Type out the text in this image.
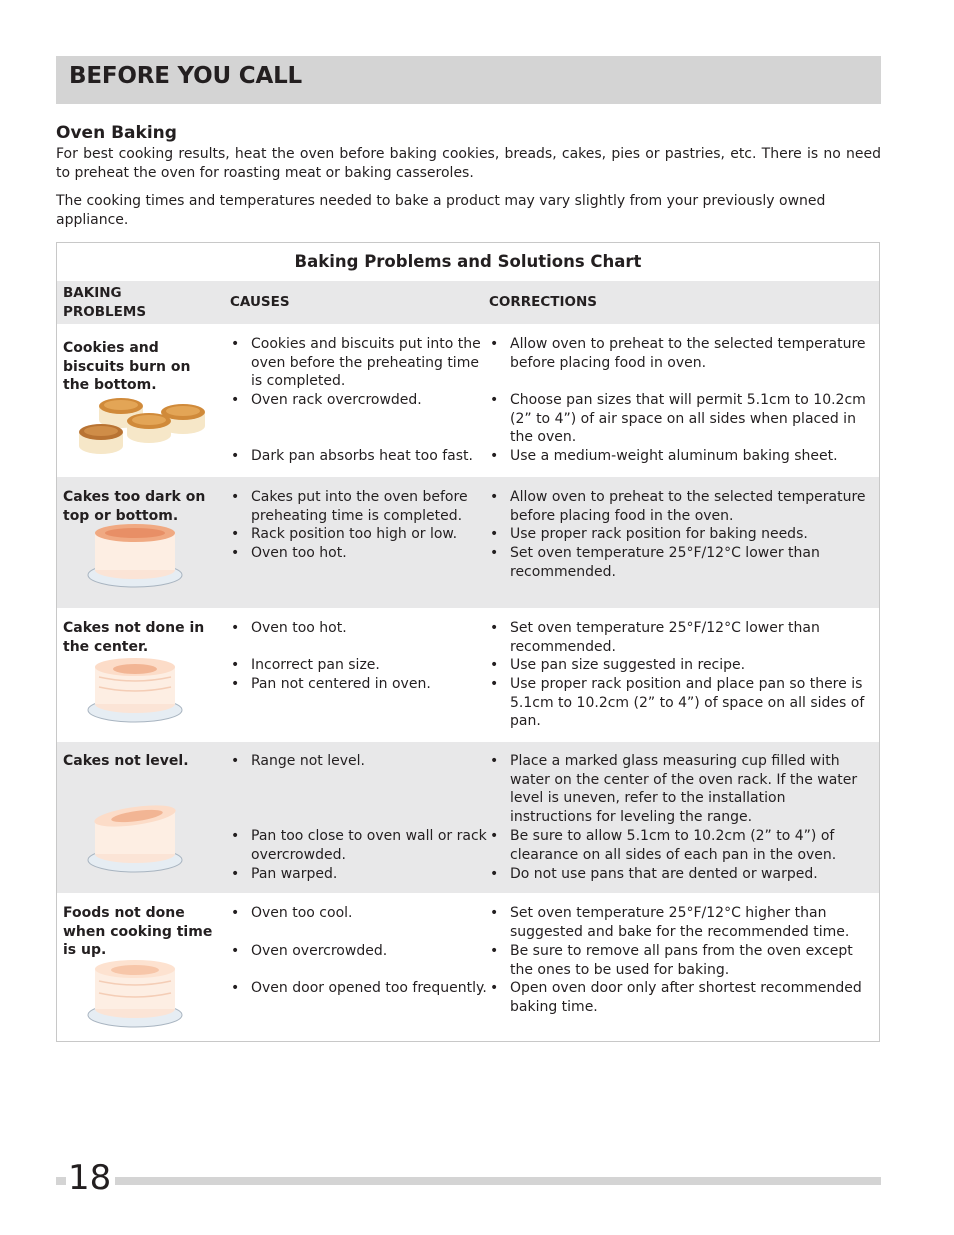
BEFORE YOU CALL
Oven Baking
For best cooking results, heat the oven before baking cookies, breads, cakes, pies or pastries, etc. There is no need to preheat the oven for roasting meat or baking casseroles.
The cooking times and temperatures needed to bake a product may vary slightly from your previously owned appliance.
Baking Problems and Solutions Chart
BAKING PROBLEMS
CAUSES	CORRECTIONS
Cookies and biscuits burn on the bottom.
• Cookies and biscuits put into the oven before the preheating time is completed.
• Oven rack overcrowded.
• Dark pan absorbs heat too fast.
• Allow oven to preheat to the selected temperature before placing food in oven.
• Choose pan sizes that will permit 5.1cm to 10.2cm (2” to 4”) of air space on all sides when placed in the oven.
• Use a medium-weight aluminum baking sheet.
Cakes too dark on top or bottom.
• Cakes put into the oven before preheating time is completed.
• Rack position too high or low.
• Oven too hot.
• Allow oven to preheat to the selected temperature before placing food in the oven.
• Use proper rack position for baking needs.
• Set oven temperature 25°F/12°C lower than recommended.
Cakes not done in the center.
• Oven too hot.
• Incorrect pan size.
• Pan not centered in oven.
• Set oven temperature 25°F/12°C lower than recommended.
• Use pan size suggested in recipe.
• Use proper rack position and place pan so there is 5.1cm to 10.2cm (2” to 4”) of space on all sides of pan.
Cakes not level.
•	Range not level.
• Pan too close to oven wall or rack overcrowded.
• Pan warped.
• Place a marked glass measuring cup filled with water on the center of the oven rack. If the water level is uneven, refer to the installation instructions for leveling the range.
• Be sure to allow 5.1cm to 10.2cm (2” to 4”) of clearance on all sides of each pan in the oven.
• Do not use pans that are dented or warped.
Foods not done when cooking time is up.
• Oven too cool.
• Oven overcrowded.
• Oven door opened too frequently.
• Set oven temperature 25°F/12°C higher than suggested and bake for the recommended time.
• Be sure to remove all pans from the oven except the ones to be used for baking.
• Open oven door only after shortest recommended baking time.
18
